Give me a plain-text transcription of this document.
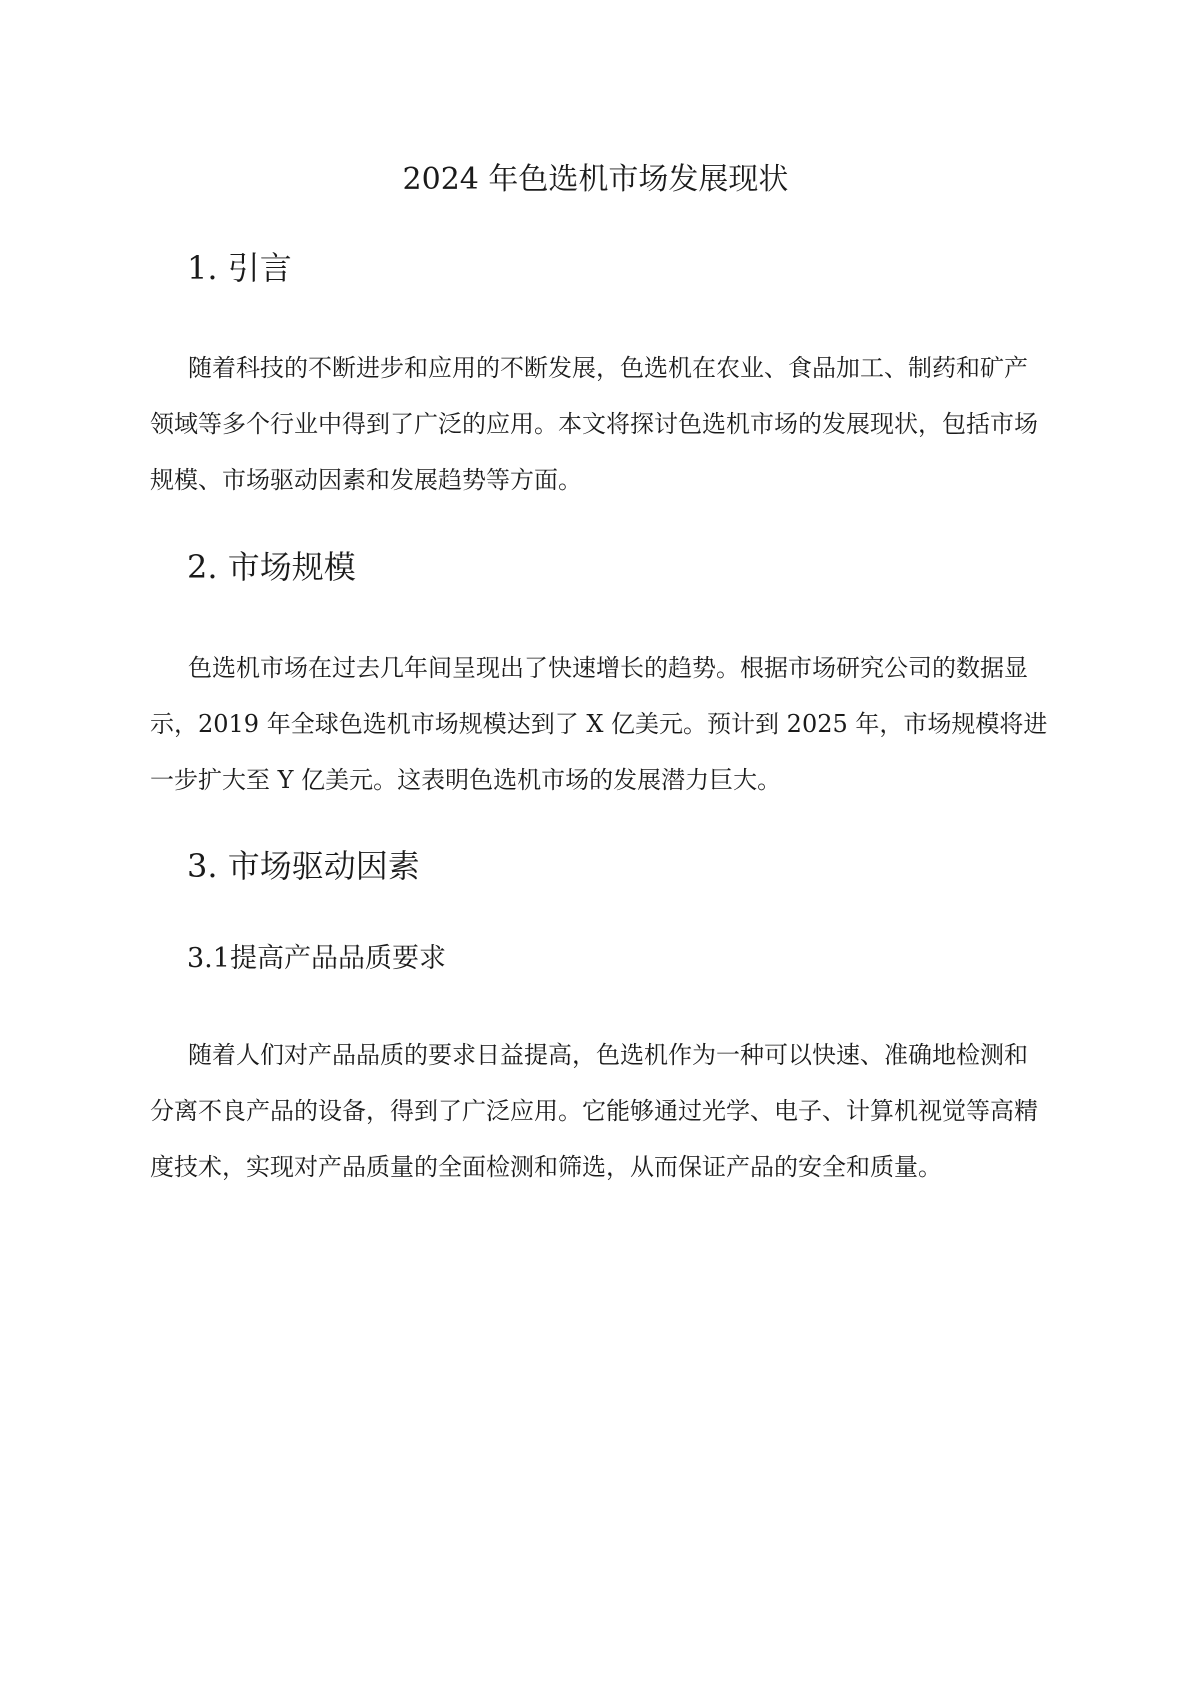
2024 年色选机市场发展现状
1. 引言
随着科技的不断进步和应用的不断发展，色选机在农业、食品加工、制药和矿产
领域等多个行业中得到了广泛的应用。本文将探讨色选机市场的发展现状，包括市场
规模、市场驱动因素和发展趋势等方面。
2. 市场规模
色选机市场在过去几年间呈现出了快速增长的趋势。根据市场研究公司的数据显
示，2019 年全球色选机市场规模达到了 X 亿美元。预计到 2025 年，市场规模将进
一步扩大至 Y 亿美元。这表明色选机市场的发展潜力巨大。
3. 市场驱动因素
3.1提高产品品质要求
随着人们对产品品质的要求日益提高，色选机作为一种可以快速、准确地检测和
分离不良产品的设备，得到了广泛应用。它能够通过光学、电子、计算机视觉等高精
度技术，实现对产品质量的全面检测和筛选，从而保证产品的安全和质量。
